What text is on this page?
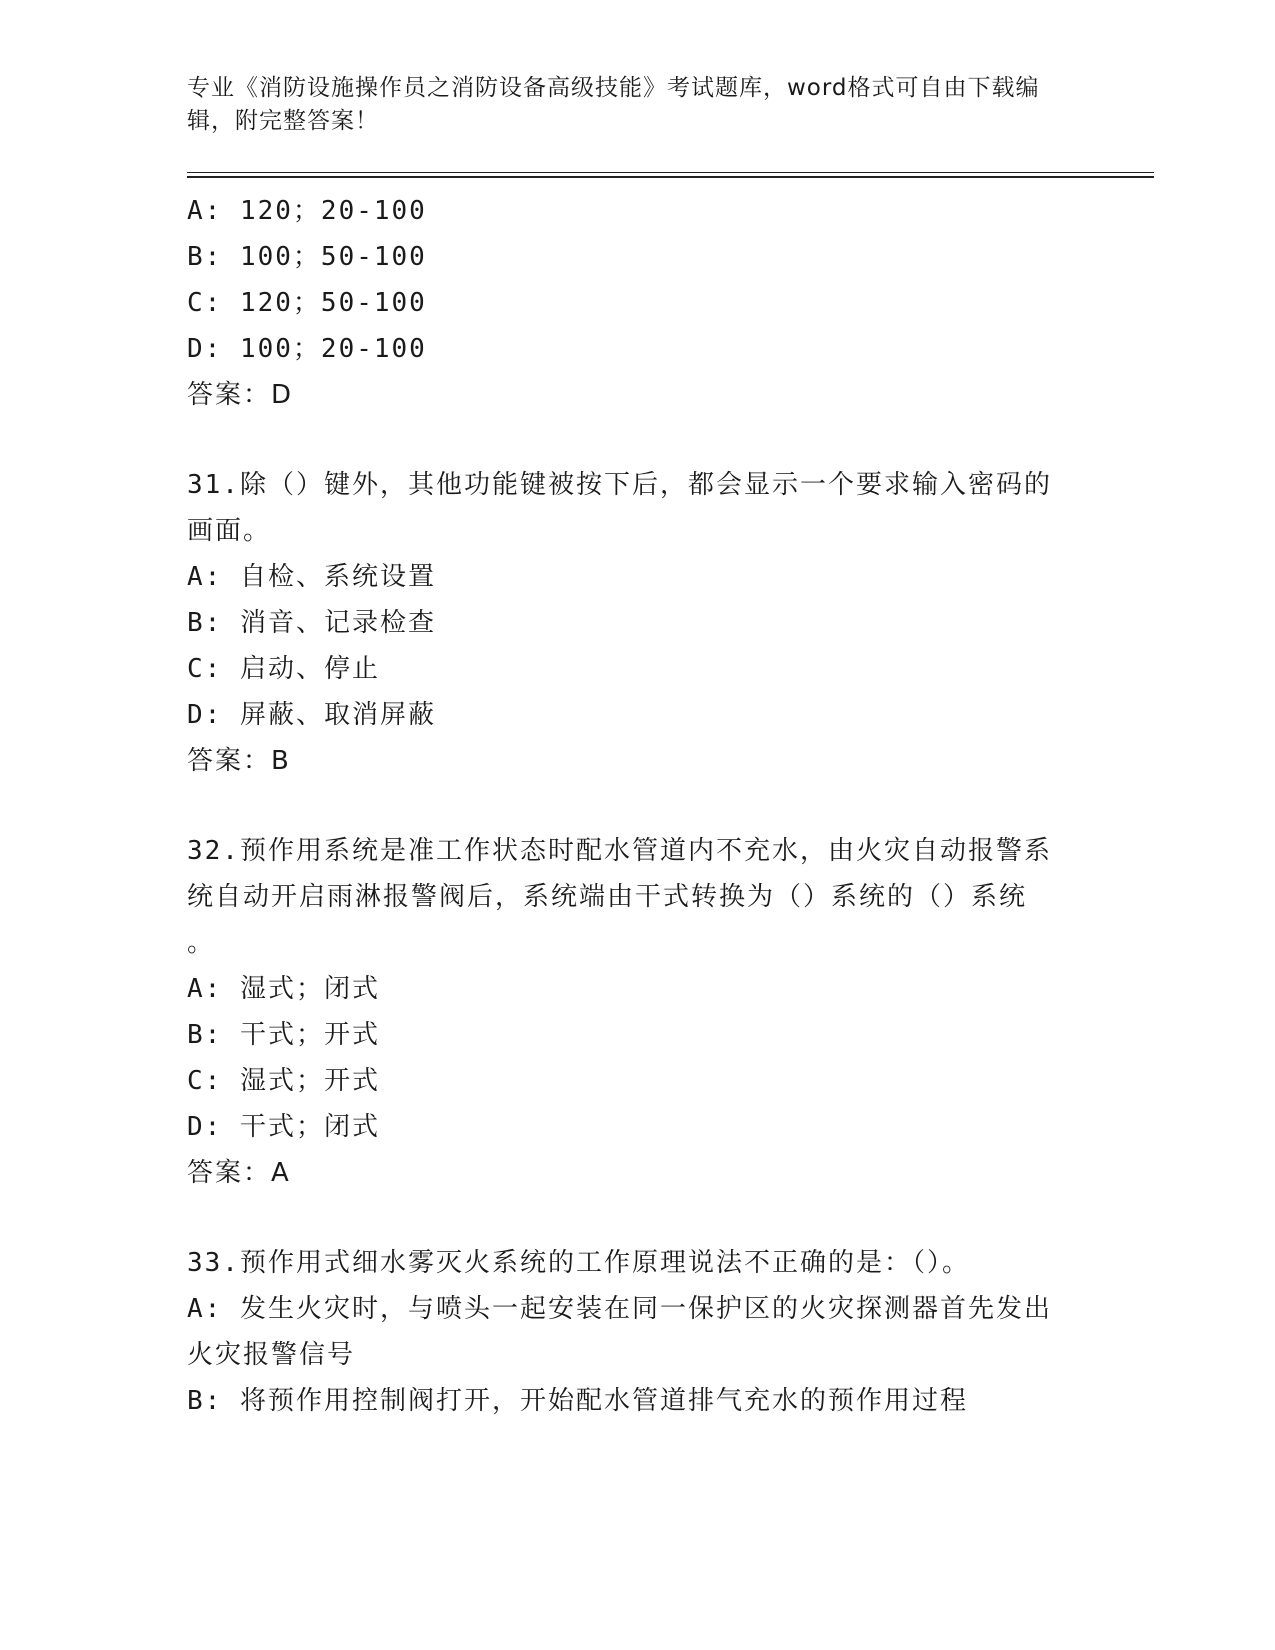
专业《消防设施操作员之消防设备高级技能》考试题库，word格式可自由下载编
辑，附完整答案！
A: 120；20-100
B: 100；50-100
C: 120；50-100
D: 100；20-100
答案：D
31.除（）键外，其他功能键被按下后，都会显示一个要求输入密码的
画面。
A: 自检、系统设置
B: 消音、记录检查
C: 启动、停止
D: 屏蔽、取消屏蔽
答案：B
32.预作用系统是准工作状态时配水管道内不充水，由火灾自动报警系
统自动开启雨淋报警阀后，系统端由干式转换为（）系统的（）系统
。
A: 湿式；闭式
B: 干式；开式
C: 湿式；开式
D: 干式；闭式
答案：A
33.预作用式细水雾灭火系统的工作原理说法不正确的是：（）。
A: 发生火灾时，与喷头一起安装在同一保护区的火灾探测器首先发出
火灾报警信号
B: 将预作用控制阀打开，开始配水管道排气充水的预作用过程
